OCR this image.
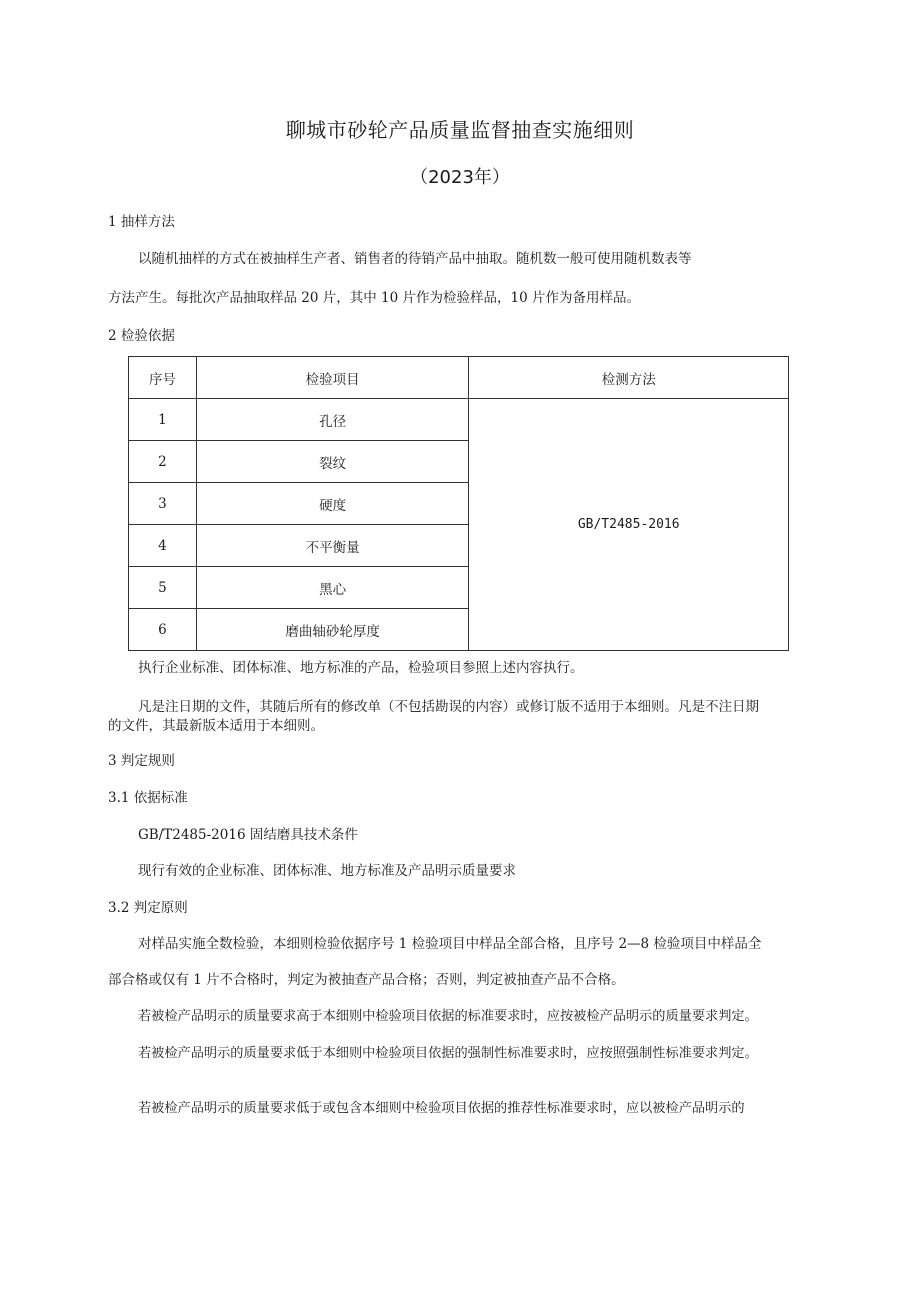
聊城市砂轮产品质量监督抽查实施细则
（2023年）
1 抽样方法
以随机抽样的方式在被抽样生产者、销售者的待销产品中抽取。随机数一般可使用随机数表等
方法产生。每批次产品抽取样品 20 片，其中 10 片作为检验样品，10 片作为备用样品。
2 检验依据
序号	检验项目	检测方法
1	孔径	GB/T2485-2016
2	裂纹	
3	硬度	
4	不平衡量	
5	黑心	
6	磨曲轴砂轮厚度	
执行企业标准、团体标准、地方标准的产品，检验项目参照上述内容执行。
凡是注日期的文件，其随后所有的修改单（不包括勘误的内容）或修订版不适用于本细则。凡是不注日期
的文件，其最新版本适用于本细则。
3 判定规则
3.1 依据标准
GB/T2485-2016 固结磨具技术条件
现行有效的企业标准、团体标准、地方标准及产品明示质量要求
3.2 判定原则
对样品实施全数检验，本细则检验依据序号 1 检验项目中样品全部合格，且序号 2—8 检验项目中样品全
部合格或仅有 1 片不合格时，判定为被抽查产品合格；否则，判定被抽查产品不合格。
若被检产品明示的质量要求高于本细则中检验项目依据的标准要求时，应按被检产品明示的质量要求判定。
若被检产品明示的质量要求低于本细则中检验项目依据的强制性标准要求时，应按照强制性标准要求判定。
若被检产品明示的质量要求低于或包含本细则中检验项目依据的推荐性标准要求时，应以被检产品明示的
